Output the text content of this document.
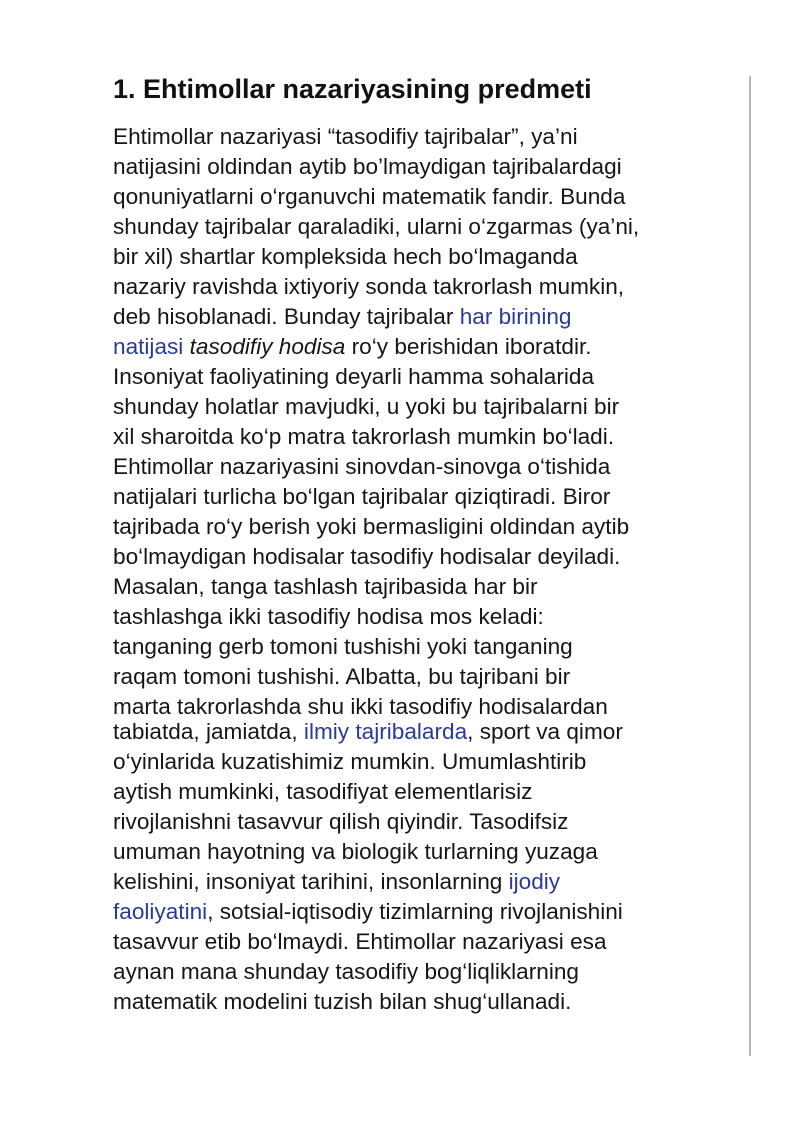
1. Ehtimollar nazariyasining predmeti
Ehtimollar nazariyasi “tasodifiy tajribalar”, ya’ni
natijasini oldindan aytib bo’lmaydigan tajribalardagi
qonuniyatlarni o‘rganuvchi matematik fandir. Bunda
shunday tajribalar qaraladiki, ularni o‘zgarmas (ya’ni,
bir xil) shartlar kompleksida hech bo‘lmaganda
nazariy ravishda ixtiyoriy sonda takrorlash mumkin,
deb hisoblanadi. Bunday tajribalar har birining
natijasi tasodifiy hodisa ro‘y berishidan iboratdir.
Insoniyat faoliyatining deyarli hamma sohalarida
shunday holatlar mavjudki, u yoki bu tajribalarni bir
xil sharoitda ko‘p matra takrorlash mumkin bo‘ladi.
Ehtimollar nazariyasini sinovdan-sinovga o‘tishida
natijalari turlicha bo‘lgan tajribalar qiziqtiradi. Biror
tajribada ro‘y berish yoki bermasligini oldindan aytib
bo‘lmaydigan hodisalar tasodifiy hodisalar deyiladi.
Masalan, tanga tashlash tajribasida har bir
tashlashga ikki tasodifiy hodisa mos keladi:
tanganing gerb tomoni tushishi yoki tanganing
raqam tomoni tushishi. Albatta, bu tajribani bir
marta takrorlashda shu ikki tasodifiy hodisalardan
tabiatda, jamiatda, ilmiy tajribalarda, sport va qimor
o‘yinlarida kuzatishimiz mumkin. Umumlashtirib
aytish mumkinki, tasodifiyat elementlarisiz
rivojlanishni tasavvur qilish qiyindir. Tasodifsiz
umuman hayotning va biologik turlarning yuzaga
kelishini, insoniyat tarihini, insonlarning ijodiy
faoliyatini, sotsial-iqtisodiy tizimlarning rivojlanishini
tasavvur etib bo‘lmaydi. Ehtimollar nazariyasi esa
aynan mana shunday tasodifiy bog‘liqliklarning
matematik modelini tuzish bilan shug‘ullanadi.
